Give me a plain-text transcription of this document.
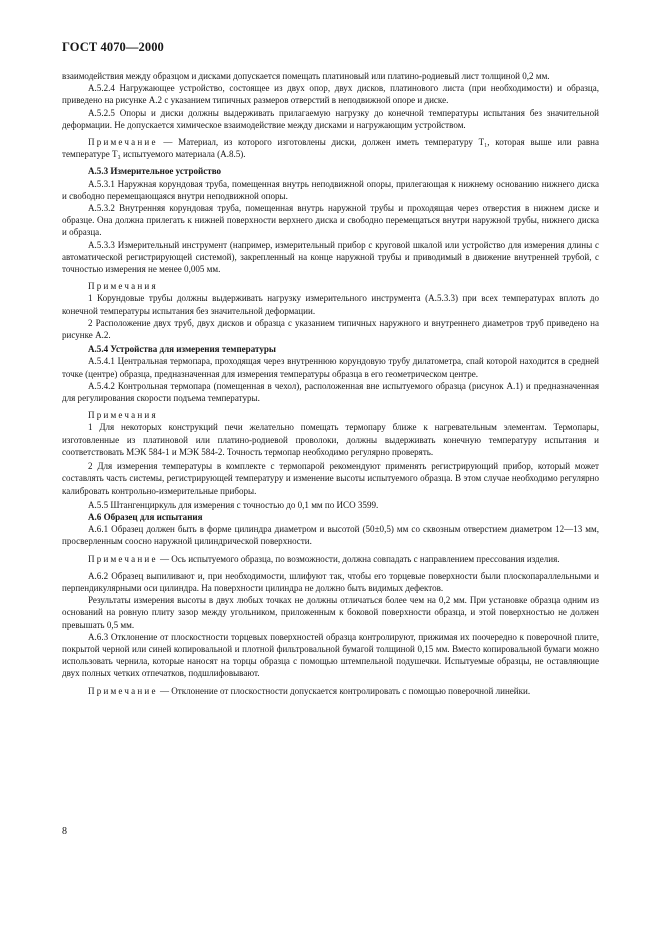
ГОСТ 4070—2000

взаимодействия между образцом и дисками допускается помещать платиновый или платино-родиевый лист толщиной 0,2 мм.

A.5.2.4 Нагружающее устройство, состоящее из двух опор, двух дисков, платинового листа (при необходимости) и образца, приведено на рисунке А.2 с указанием типичных размеров отверстий в неподвижной опоре и диске.

A.5.2.5 Опоры и диски должны выдерживать прилагаемую нагрузку до конечной температуры испытания без значительной деформации. Не допускается химическое взаимодействие между дисками и нагружающим устройством.

Примечание — Материал, из которого изготовлены диски, должен иметь температуру T₁, которая выше или равна температуре T₃ испытуемого материала (А.8.5).

А.5.3 Измерительное устройство

А.5.3.1 Наружная корундовая труба, помещенная внутрь неподвижной опоры, прилегающая к нижнему основанию нижнего диска и свободно перемещающаяся внутри неподвижной опоры.

А.5.3.2 Внутренняя корундовая труба, помещенная внутрь наружной трубы и проходящая через отверстия в нижнем диске и образце. Она должна прилегать к нижней поверхности верхнего диска и свободно перемещаться внутри наружной трубы, нижнего диска и образца.

А.5.3.3 Измерительный инструмент (например, измерительный прибор с круговой шкалой или устройство для измерения длины с автоматической регистрирующей системой), закрепленный на конце наружной трубы и приводимый в движение внутренней трубой, с точностью измерения не менее 0,005 мм.

Примечания

1 Корундовые трубы должны выдерживать нагрузку измерительного инструмента (А.5.3.3) при всех температурах вплоть до конечной температуры испытания без значительной деформации.

2 Расположение двух труб, двух дисков и образца с указанием типичных наружного и внутреннего диаметров труб приведено на рисунке А.2.

А.5.4 Устройства для измерения температуры

А.5.4.1 Центральная термопара, проходящая через внутреннюю корундовую трубу дилатометра, спай которой находится в средней точке (центре) образца, предназначенная для измерения температуры образца в его геометрическом центре.

А.5.4.2 Контрольная термопара (помещенная в чехол), расположенная вне испытуемого образца (рисунок А.1) и предназначенная для регулирования скорости подъема температуры.

Примечания

1 Для некоторых конструкций печи желательно помещать термопару ближе к нагревательным элементам. Термопары, изготовленные из платиновой или платино-родиевой проволоки, должны выдерживать конечную температуру испытания и соответствовать МЭК 584-1 и МЭК 584-2. Точность термопар необходимо регулярно проверять.

2 Для измерения температуры в комплекте с термопарой рекомендуют применять регистрирующий прибор, который может составлять часть системы, регистрирующей температуру и изменение высоты испытуемого образца. В этом случае необходимо регулярно калибровать контрольно-измерительные приборы.

А.5.5 Штангенциркуль для измерения с точностью до 0,1 мм по ИСО 3599.

А.6 Образец для испытания

А.6.1 Образец должен быть в форме цилиндра диаметром и высотой (50±0,5) мм со сквозным отверстием диаметром 12—13 мм, просверленным соосно наружной цилиндрической поверхности.

Примечание — Ось испытуемого образца, по возможности, должна совпадать с направлением прессования изделия.

А.6.2 Образец выпиливают и, при необходимости, шлифуют так, чтобы его торцевые поверхности были плоскопараллельными и перпендикулярными оси цилиндра. На поверхности цилиндра не должно быть видимых дефектов.

Результаты измерения высоты в двух любых точках не должны отличаться более чем на 0,2 мм. При установке образца одним из оснований на ровную плиту зазор между угольником, приложенным к боковой поверхности образца, и этой поверхностью не должен превышать 0,5 мм.

А.6.3 Отклонение от плоскостности торцевых поверхностей образца контролируют, прижимая их поочередно к поверочной плите, покрытой черной или синей копировальной и плотной фильтровальной бумагой толщиной 0,15 мм. Вместо копировальной бумаги можно использовать чернила, которые наносят на торцы образца с помощью штемпельной подушечки. Испытуемые образцы, не оставляющие двух полных четких отпечатков, подшлифовывают.

Примечание — Отклонение от плоскостности допускается контролировать с помощью поверочной линейки.

8
